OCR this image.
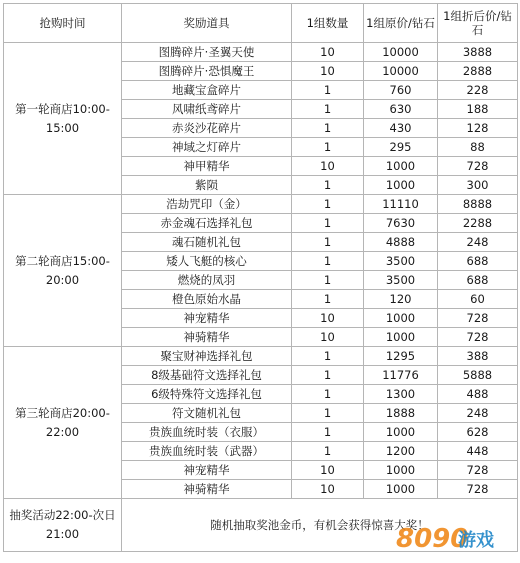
抢购时间	奖励道具	1组数量	1组原价/钻石	1组折后价/钻石
第一轮商店10:00-15:00	图腾碎片·圣翼天使	10	10000	3888
	图腾碎片·恐惧魔王	10	10000	2888
	地藏宝盒碎片	1	760	228
	风啸纸鸢碎片	1	630	188
	赤炎沙花碎片	1	430	128
	神域之灯碎片	1	295	88
	神甲精华	10	1000	728
	紫陨	1	1000	300
第二轮商店15:00-20:00	浩劫咒印（金）	1	11110	8888
	赤金魂石选择礼包	1	7630	2288
	魂石随机礼包	1	4888	248
	矮人飞艇的核心	1	3500	688
	燃烧的凤羽	1	3500	688
	橙色原始水晶	1	120	60
	神宠精华	10	1000	728
	神骑精华	10	1000	728
第三轮商店20:00-22:00	聚宝财神选择礼包	1	1295	388
	8级基础符文选择礼包	1	11776	5888
	6级特殊符文选择礼包	1	1300	488
	符文随机礼包	1	1888	248
	贵族血统时装（衣服）	1	1000	628
	贵族血统时装（武器）	1	1200	448
	神宠精华	10	1000	728
	神骑精华	10	1000	728
抽奖活动22:00-次日21:00	随机抽取奖池金币，有机会获得惊喜大奖！			
8090
游戏
